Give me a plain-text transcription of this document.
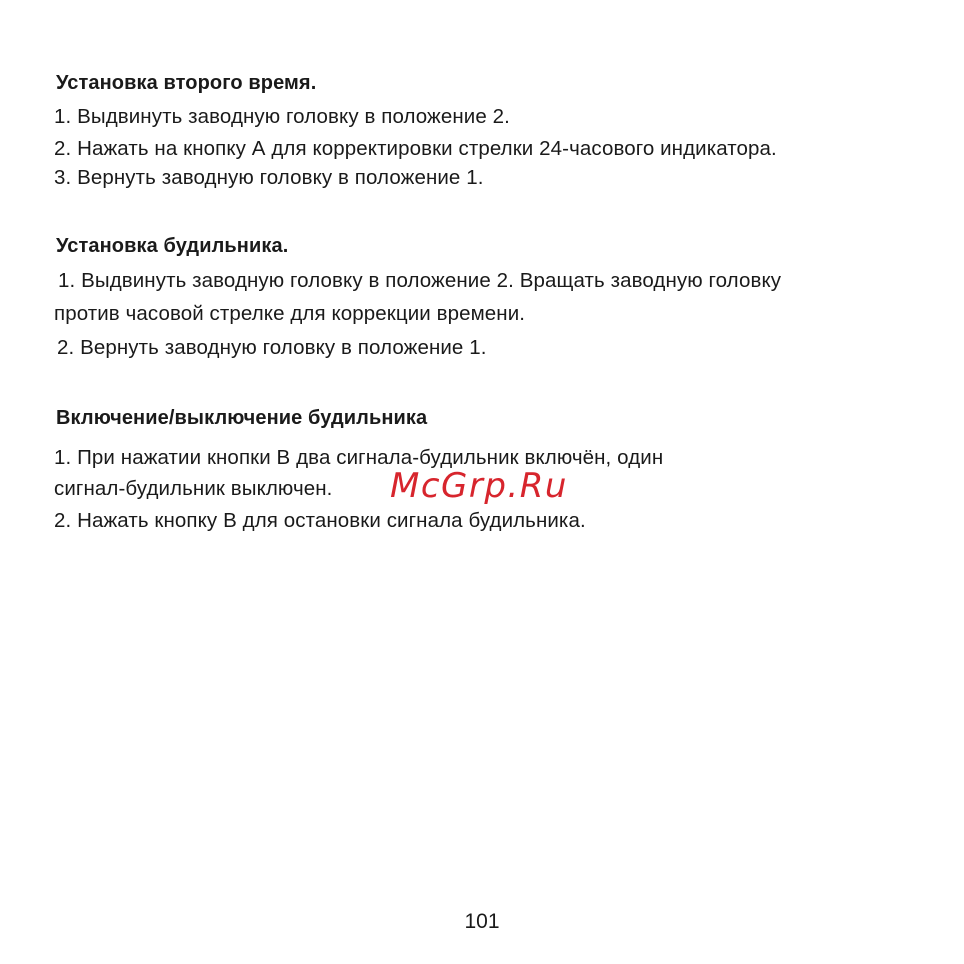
Установка второго время.
1. Выдвинуть заводную головку в положение 2.
2. Нажать на кнопку А для корректировки стрелки 24-часового индикатора.
3. Вернуть заводную головку в положение 1.
Установка будильника.
1. Выдвинуть заводную головку в положение 2. Вращать заводную головку
против часовой стрелке для коррекции времени.
2. Вернуть заводную головку в положение 1.
Включение/выключение будильника
1. При нажатии кнопки В два сигнала-будильник включён, один
сигнал-будильник выключен.
2. Нажать кнопку В для остановки сигнала будильника.
McGrp.Ru
101
